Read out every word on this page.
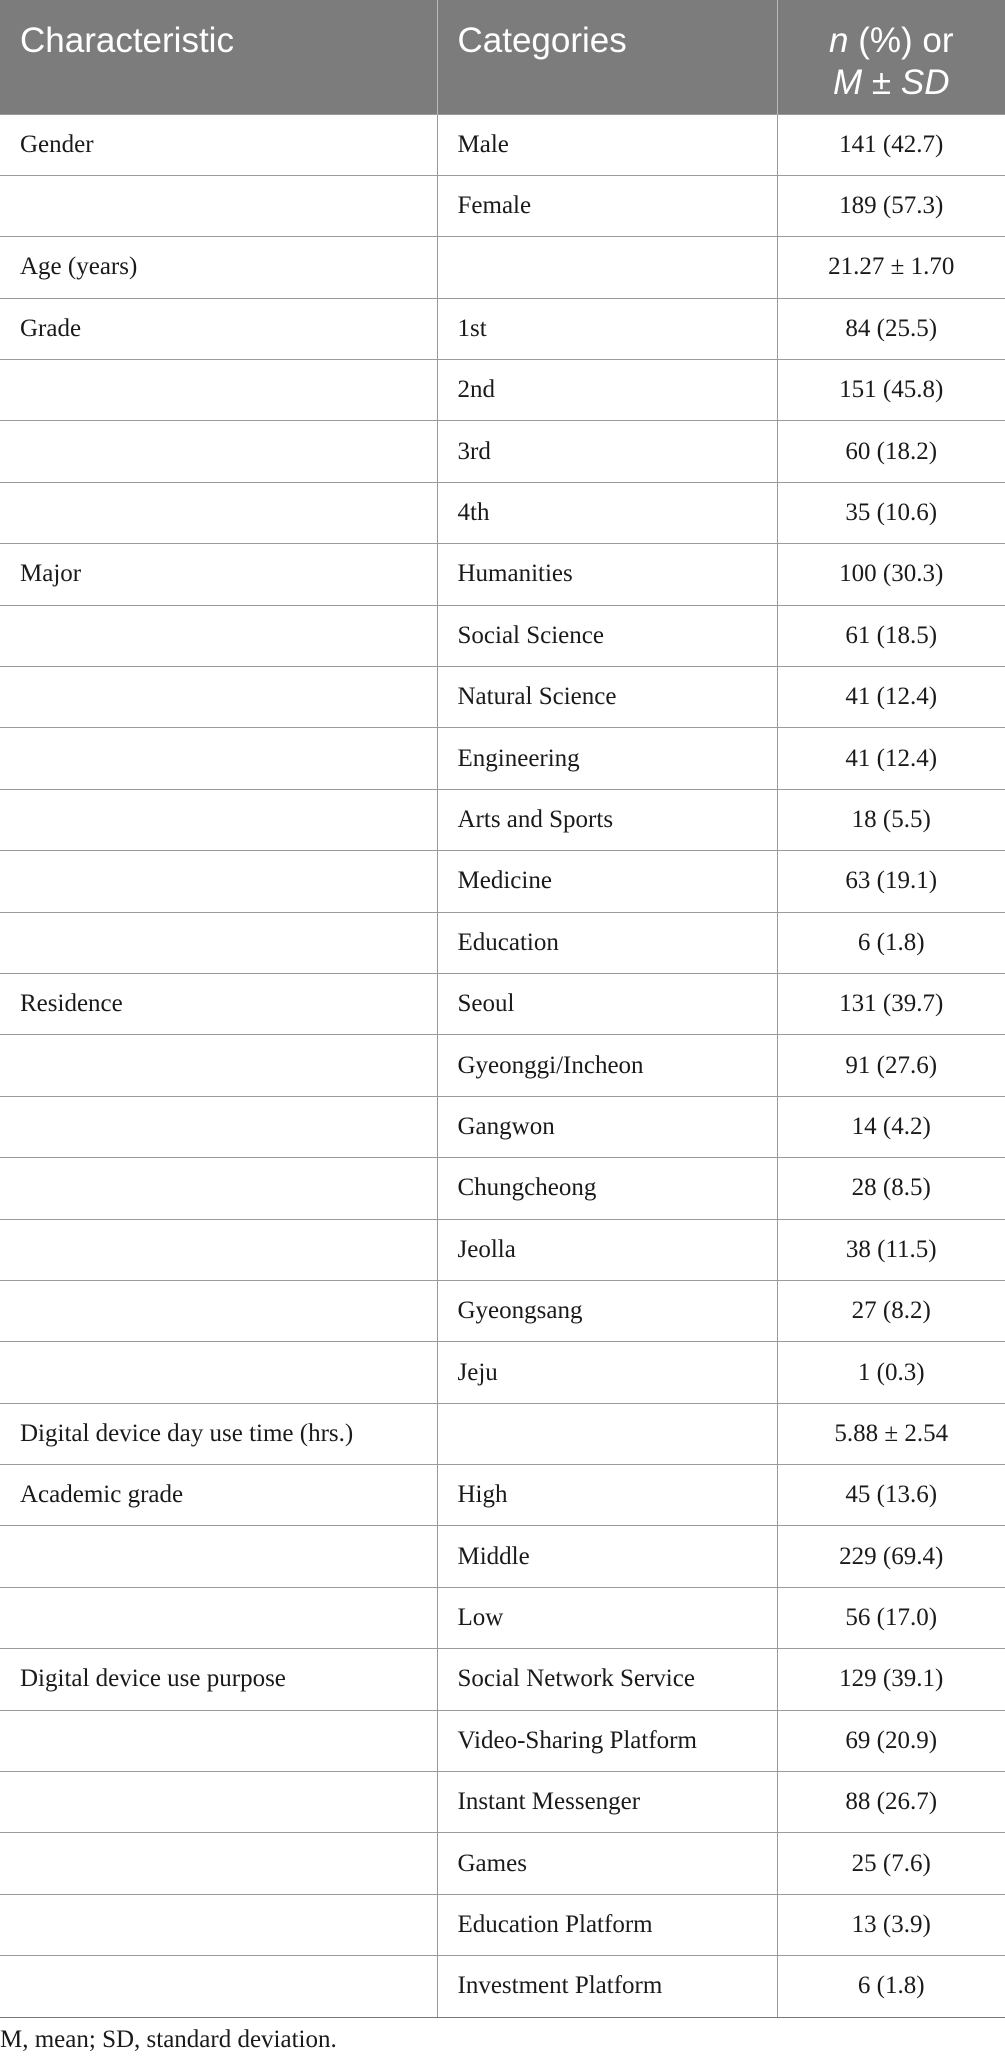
Characteristic	Categories	n (%) or
M ± SD

Gender	Male	141 (42.7)
	Female	189 (57.3)
Age (years)		21.27 ± 1.70
Grade	1st	84 (25.5)
	2nd	151 (45.8)
	3rd	60 (18.2)
	4th	35 (10.6)
Major	Humanities	100 (30.3)
	Social Science	61 (18.5)
	Natural Science	41 (12.4)
	Engineering	41 (12.4)
	Arts and Sports	18 (5.5)
	Medicine	63 (19.1)
	Education	6 (1.8)
Residence	Seoul	131 (39.7)
	Gyeonggi/Incheon	91 (27.6)
	Gangwon	14 (4.2)
	Chungcheong	28 (8.5)
	Jeolla	38 (11.5)
	Gyeongsang	27 (8.2)
	Jeju	1 (0.3)
Digital device day use time (hrs.)		5.88 ± 2.54
Academic grade	High	45 (13.6)
	Middle	229 (69.4)
	Low	56 (17.0)
Digital device use purpose	Social Network Service	129 (39.1)
	Video-Sharing Platform	69 (20.9)
	Instant Messenger	88 (26.7)
	Games	25 (7.6)
	Education Platform	13 (3.9)
	Investment Platform	6 (1.8)
M, mean; SD, standard deviation.
